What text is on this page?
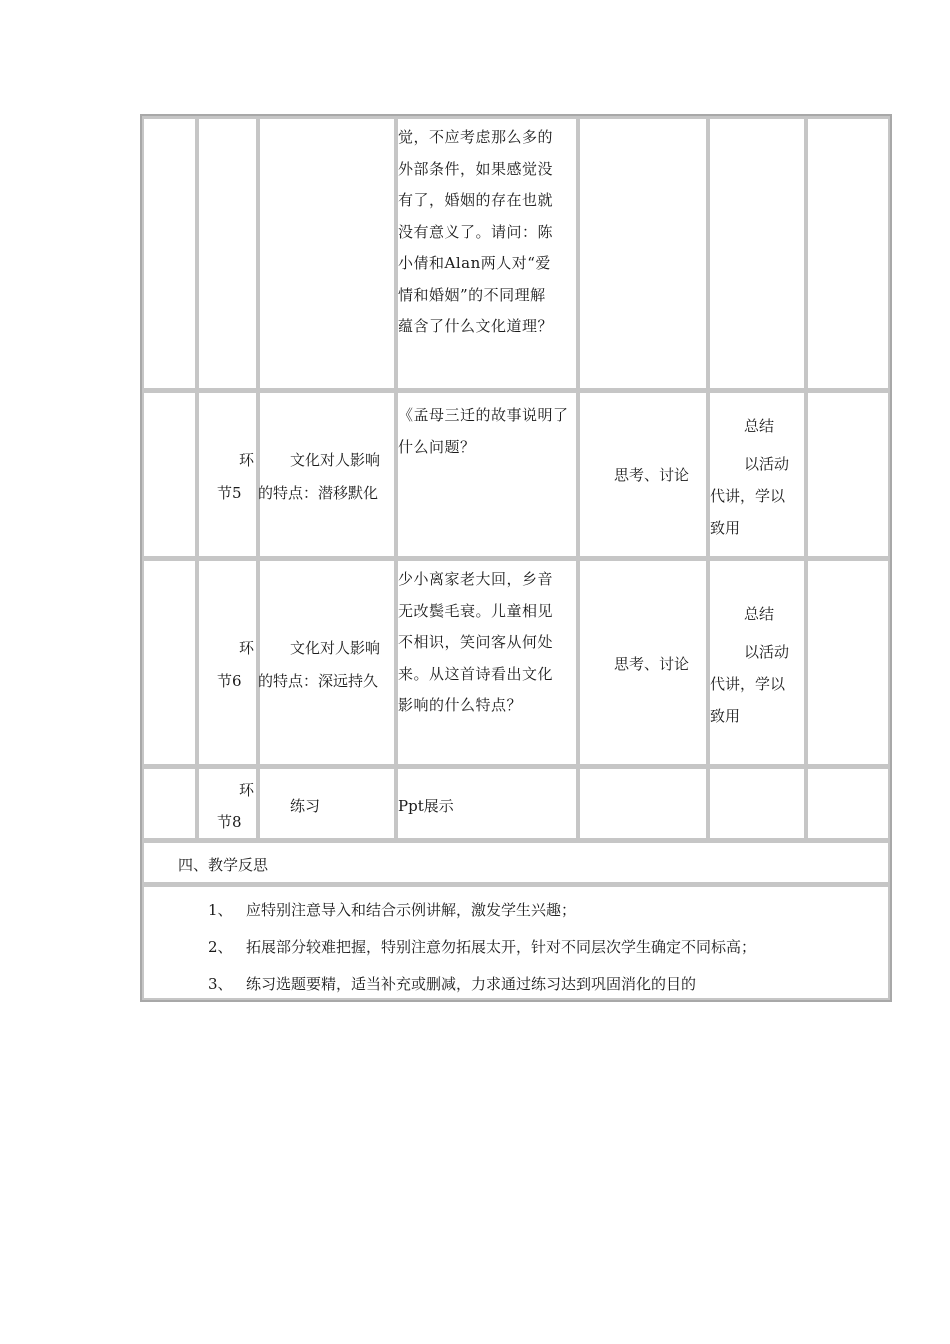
觉，不应考虑那么多的外部条件，如果感觉没有了，婚姻的存在也就没有意义了。请问：陈小倩和Alan两人对“爱情和婚姻”的不同理解蕴含了什么文化道理？
环
节5
文化对人影响
的特点：潜移默化
《孟母三迁的故事说明了什么问题？
思考、讨论
总结
以活动
代讲，学以
致用
环
节6
文化对人影响
的特点：深远持久
少小离家老大回，乡音无改鬓毛衰。儿童相见不相识，笑问客从何处来。从这首诗看出文化影响的什么特点？
思考、讨论
总结
以活动
代讲，学以
致用
环
节8
练习	Ppt展示
四、教学反思
1、 应特别注意导入和结合示例讲解，激发学生兴趣；
2、 拓展部分较难把握，特别注意勿拓展太开，针对不同层次学生确定不同标高；
3、 练习选题要精，适当补充或删减，力求通过练习达到巩固消化的目的
